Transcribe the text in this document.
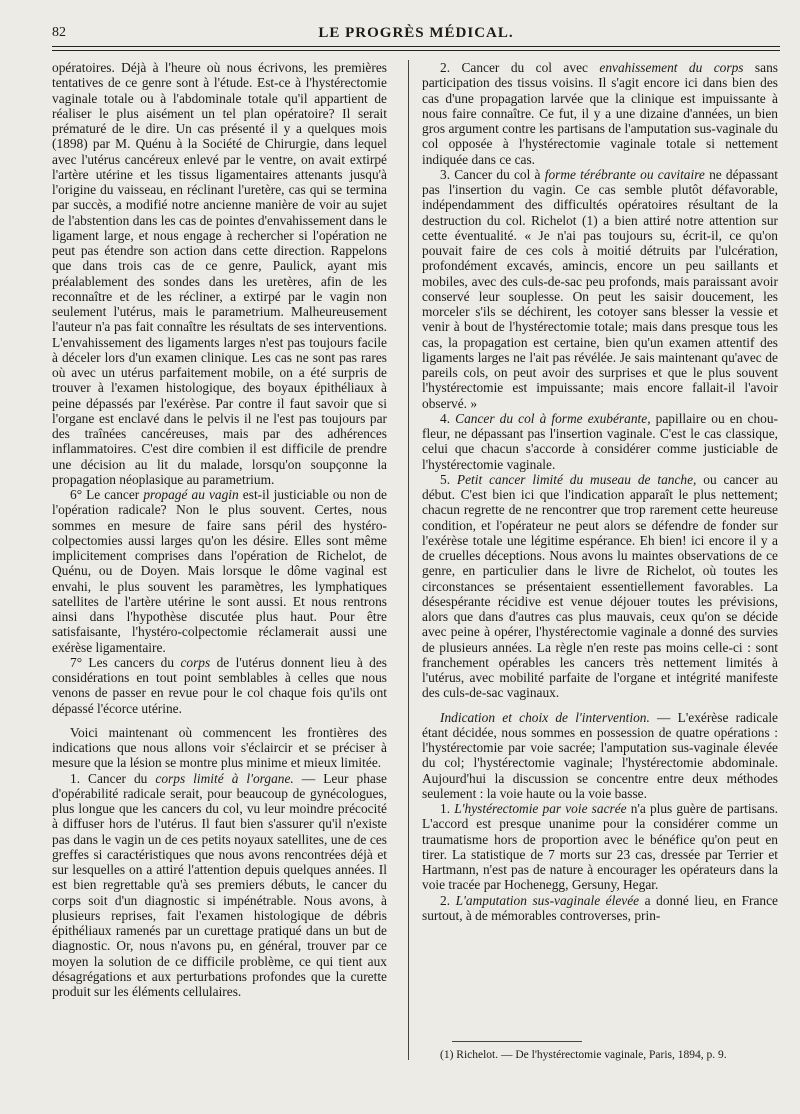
82	LE PROGRÈS MÉDICAL.

opératoires. Déjà à l'heure où nous écrivons, les premières tentatives de ce genre sont à l'étude. Est-ce à l'hystérectomie vaginale totale ou à l'abdominale totale qu'il appartient de réaliser le plus aisément un tel plan opératoire? Il serait prématuré de le dire. Un cas présenté il y a quelques mois (1898) par M. Quénu à la Société de Chirurgie, dans lequel avec l'utérus cancéreux enlevé par le ventre, on avait extirpé l'artère utérine et les tissus ligamentaires attenants jusqu'à l'origine du vaisseau, en réclinant l'uretère, cas qui se termina par succès, a modifié notre ancienne manière de voir au sujet de l'abstention dans les cas de pointes d'envahissement dans le ligament large, et nous engage à rechercher si l'opération ne peut pas étendre son action dans cette direction. Rappelons que dans trois cas de ce genre, Paulick, ayant mis préalablement des sondes dans les uretères, afin de les reconnaître et de les récliner, a extirpé par le vagin non seulement l'utérus, mais le parametrium. Malheureusement l'auteur n'a pas fait connaître les résultats de ses interventions. L'envahissement des ligaments larges n'est pas toujours facile à déceler lors d'un examen clinique. Les cas ne sont pas rares où avec un utérus parfaitement mobile, on a été surpris de trouver à l'examen histologique, des boyaux épithéliaux à peine dépassés par l'exérèse. Par contre il faut savoir que si l'organe est enclavé dans le pelvis il ne l'est pas toujours par des traînées cancéreuses, mais par des adhérences inflammatoires. C'est dire combien il est difficile de prendre une décision au lit du malade, lorsqu'on soupçonne la propagation néoplasique au parametrium.

6° Le cancer propagé au vagin est-il justiciable ou non de l'opération radicale? Non le plus souvent. Certes, nous sommes en mesure de faire sans péril des hystéro-colpectomies aussi larges qu'on les désire. Elles sont même implicitement comprises dans l'opération de Richelot, de Quénu, ou de Doyen. Mais lorsque le dôme vaginal est envahi, le plus souvent les paramètres, les lymphatiques satellites de l'artère utérine le sont aussi. Et nous rentrons ainsi dans l'hypothèse discutée plus haut. Pour être satisfaisante, l'hystéro-colpectomie réclamerait aussi une exérèse ligamentaire.

7° Les cancers du corps de l'utérus donnent lieu à des considérations en tout point semblables à celles que nous venons de passer en revue pour le col chaque fois qu'ils ont dépassé l'écorce utérine.

Voici maintenant où commencent les frontières des indications que nous allons voir s'éclaircir et se préciser à mesure que la lésion se montre plus minime et mieux limitée.

1. Cancer du corps limité à l'organe. — Leur phase d'opérabilité radicale serait, pour beaucoup de gynécologues, plus longue que les cancers du col, vu leur moindre précocité à diffuser hors de l'utérus. Il faut bien s'assurer qu'il n'existe pas dans le vagin un de ces petits noyaux satellites, une de ces greffes si caractéristiques que nous avons rencontrées déjà et sur lesquelles on a attiré l'attention depuis quelques années. Il est bien regrettable qu'à ses premiers débuts, le cancer du corps soit d'un diagnostic si impénétrable. Nous avons, à plusieurs reprises, fait l'examen histologique de débris épithéliaux ramenés par un curettage pratiqué dans un but de diagnostic. Or, nous n'avons pu, en général, trouver par ce moyen la solution de ce difficile problème, ce qui tient aux désagrégations et aux perturbations profondes que la curette produit sur les éléments cellulaires.

2. Cancer du col avec envahissement du corps sans participation des tissus voisins. Il s'agit encore ici dans bien des cas d'une propagation larvée que la clinique est impuissante à nous faire connaître. Ce fut, il y a une dizaine d'années, un bien gros argument contre les partisans de l'amputation sus-vaginale du col opposée à l'hystérectomie vaginale totale si nettement indiquée dans ce cas.

3. Cancer du col à forme térébrante ou cavitaire ne dépassant pas l'insertion du vagin. Ce cas semble plutôt défavorable, indépendamment des difficultés opératoires résultant de la destruction du col. Richelot (1) a bien attiré notre attention sur cette éventualité. « Je n'ai pas toujours su, écrit-il, ce qu'on pouvait faire de ces cols à moitié détruits par l'ulcération, profondément excavés, amincis, encore un peu saillants et mobiles, avec des culs-de-sac peu profonds, mais paraissant avoir conservé leur souplesse. On peut les saisir doucement, les morceler s'ils se déchirent, les cotoyer sans blesser la vessie et venir à bout de l'hystérectomie totale; mais dans presque tous les cas, la propagation est certaine, bien qu'un examen attentif des ligaments larges ne l'ait pas révélée. Je sais maintenant qu'avec de pareils cols, on peut avoir des surprises et que le plus souvent l'hystérectomie est impuissante; mais encore fallait-il l'avoir observé. »

4. Cancer du col à forme exubérante, papillaire ou en chou-fleur, ne dépassant pas l'insertion vaginale. C'est le cas classique, celui que chacun s'accorde à considérer comme justiciable de l'hystérectomie vaginale.

5. Petit cancer limité du museau de tanche, ou cancer au début. C'est bien ici que l'indication apparaît le plus nettement; chacun regrette de ne rencontrer que trop rarement cette heureuse condition, et l'opérateur ne peut alors se défendre de fonder sur l'exérèse totale une légitime espérance. Eh bien! ici encore il y a de cruelles déceptions. Nous avons lu maintes observations de ce genre, en particulier dans le livre de Richelot, où toutes les circonstances se présentaient essentiellement favorables. La désespérante récidive est venue déjouer toutes les prévisions, alors que dans d'autres cas plus mauvais, ceux qu'on se décide avec peine à opérer, l'hystérectomie vaginale a donné des survies de plusieurs années. La règle n'en reste pas moins celle-ci : sont franchement opérables les cancers très nettement limités à l'utérus, avec mobilité parfaite de l'organe et intégrité manifeste des culs-de-sac vaginaux.

Indication et choix de l'intervention. — L'exérèse radicale étant décidée, nous sommes en possession de quatre opérations : l'hystérectomie par voie sacrée; l'amputation sus-vaginale élevée du col; l'hystérectomie vaginale; l'hystérectomie abdominale. Aujourd'hui la discussion se concentre entre deux méthodes seulement : la voie haute ou la voie basse.

1. L'hystérectomie par voie sacrée n'a plus guère de partisans. L'accord est presque unanime pour la considérer comme un traumatisme hors de proportion avec le bénéfice qu'on peut en tirer. La statistique de 7 morts sur 23 cas, dressée par Terrier et Hartmann, n'est pas de nature à encourager les opérateurs dans la voie tracée par Hochenegg, Gersuny, Hegar.

2. L'amputation sus-vaginale élevée a donné lieu, en France surtout, à de mémorables controverses, prin-

(1) Richelot. — De l'hystérectomie vaginale, Paris, 1894, p. 9.
